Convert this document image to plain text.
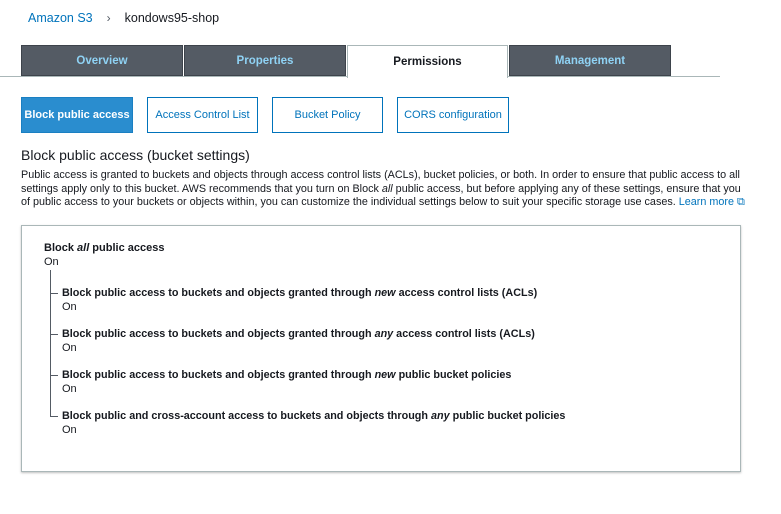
Amazon S3 › kondows95-shop
Overview	Properties	Permissions	Management
Block public access	Access Control List	Bucket Policy	CORS configuration
Block public access (bucket settings)
Public access is granted to buckets and objects through access control lists (ACLs), bucket policies, or both. In order to ensure that public access to all
settings apply only to this bucket. AWS recommends that you turn on Block all public access, but before applying any of these settings, ensure that you
of public access to your buckets or objects within, you can customize the individual settings below to suit your specific storage use cases. Learn more ⧉
Block all public access
On
Block public access to buckets and objects granted through new access control lists (ACLs)
On
Block public access to buckets and objects granted through any access control lists (ACLs)
On
Block public access to buckets and objects granted through new public bucket policies
On
Block public and cross-account access to buckets and objects through any public bucket policies
On
